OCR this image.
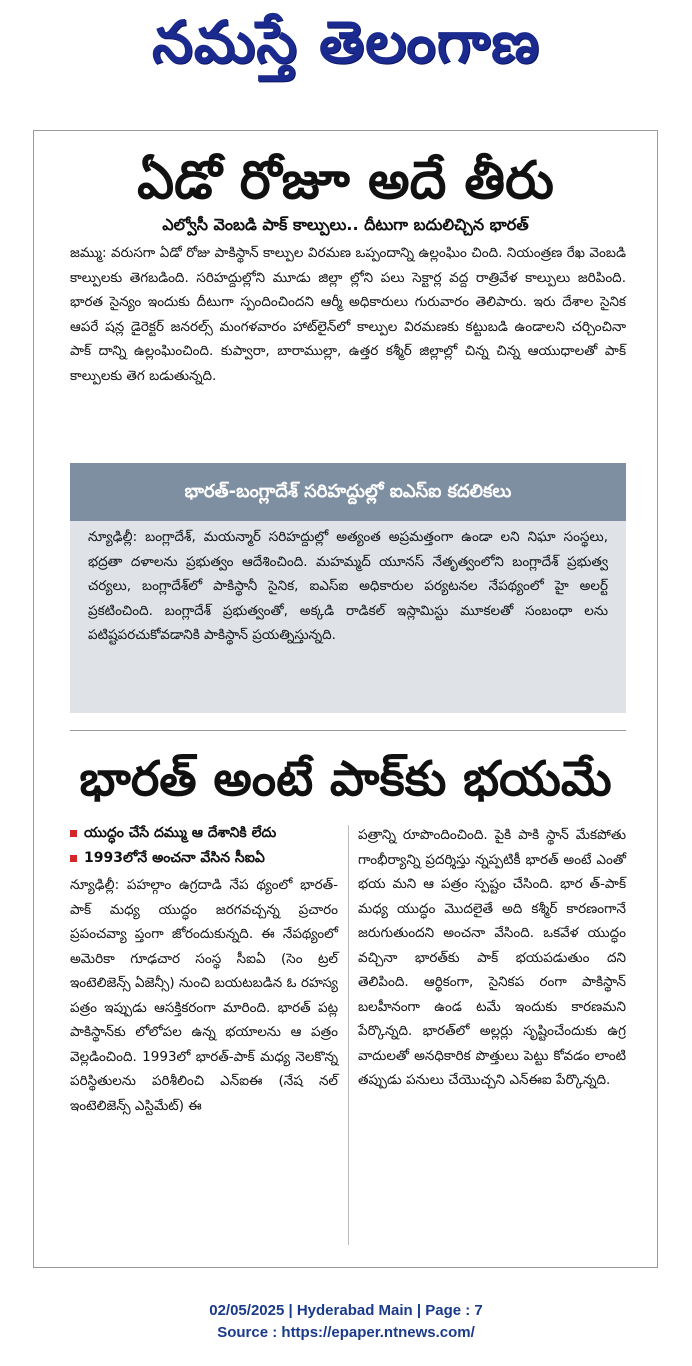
నమస్తే తెలంగాణ
ఏడో రోజూ అదే తీరు
ఎల్వోసీ వెంబడి పాక్ కాల్పులు.. దీటుగా బదులిచ్చిన భారత్

జమ్ము: వరుసగా ఏడో రోజు పాకిస్థాన్ కాల్పుల విరమణ ఒప్పందాన్ని ఉల్లంఘిం చింది. నియంత్రణ రేఖ వెంబడి కాల్పులకు తెగబడింది. సరిహద్దుల్లోని మూడు జిల్లా ల్లోని పలు సెక్టార్ల వద్ద రాత్రివేళ కాల్పులు జరిపింది. భారత సైన్యం ఇందుకు దీటుగా స్పందించిందని ఆర్మీ అధికారులు గురువారం తెలిపారు. ఇరు దేశాల సైనిక ఆపరే షన్ల డైరెక్టర్ జనరల్స్ మంగళవారం హాట్‌లైన్‌లో కాల్పుల విరమణకు కట్టుబడి ఉండాలని చర్చించినా పాక్ దాన్ని ఉల్లంఘించింది. కుప్వారా, బారాముల్లా, ఉత్తర కశ్మీర్ జిల్లాల్లో చిన్న చిన్న ఆయుధాలతో పాక్ కాల్పులకు తెగ బడుతున్నది.

భారత్-బంగ్లాదేశ్ సరిహద్దుల్లో ఐఎస్ఐ కదలికలు

న్యూఢిల్లీ: బంగ్లాదేశ్, మయన్మార్ సరిహద్దుల్లో అత్యంత అప్రమత్తంగా ఉండా లని నిఘా సంస్థలు, భద్రతా దళాలను ప్రభుత్వం ఆదేశించింది. మహమ్మద్ యూనస్ నేతృత్వంలోని బంగ్లాదేశ్ ప్రభుత్వ చర్యలు, బంగ్లాదేశ్‌లో పాకిస్థానీ సైనిక, ఐఎస్ఐ అధికారుల పర్యటనల నేపథ్యంలో హై అలర్ట్ ప్రకటించింది. బంగ్లాదేశ్ ప్రభుత్వంతో, అక్కడి రాడికల్ ఇస్లామిస్టు మూకలతో సంబంధా లను పటిష్టపరచుకోవడానికి పాకిస్థాన్ ప్రయత్నిస్తున్నది.

భారత్ అంటే పాక్‌కు భయమే
యుద్ధం చేసే దమ్ము ఆ దేశానికి లేదు
1993లోనే అంచనా వేసిన సీఐఏ

న్యూఢిల్లీ: పహల్గాం ఉగ్రదాడి నేప థ్యంలో భారత్-పాక్ మధ్య యుద్ధం జరగవచ్చన్న ప్రచారం ప్రపంచవ్యా ప్తంగా జోరందుకున్నది. ఈ నేపథ్యంలో అమెరికా గూఢచార సంస్థ సీఐఏ (సెం ట్రల్ ఇంటెలిజెన్స్ ఏజెన్సీ) నుంచి బయటబడిన ఓ రహస్య పత్రం ఇప్పుడు ఆసక్తికరంగా మారింది. భారత్ పట్ల పాకిస్థాన్‌కు లోలోపల ఉన్న భయాలను ఆ పత్రం వెల్లడించింది. 1993లో భారత్-పాక్ మధ్య నెలకొన్న పరిస్థితులను పరిశీలించి ఎన్ఐఈ (నేష నల్ ఇంటెలిజెన్స్ ఎస్టిమేట్) ఈ

పత్రాన్ని రూపొందించింది. పైకి పాకి స్థాన్ మేకపోతు గాంభీర్యాన్ని ప్రదర్శిస్తు న్నప్పటికీ భారత్ అంటే ఎంతో భయ మని ఆ పత్రం స్పష్టం చేసింది. భార త్-పాక్ మధ్య యుద్ధం మొదలైతే అది కశ్మీర్ కారణంగానే జరుగుతుందని అంచనా వేసింది. ఒకవేళ యుద్ధం వచ్చినా భారత్‌కు పాక్ భయపడుతుం దని తెలిపింది. ఆర్థికంగా, సైనికప రంగా పాకిస్థాన్ బలహీనంగా ఉండ టమే ఇందుకు కారణమని పేర్కొన్నది. భారత్‌లో అల్లర్లు సృష్టించేందుకు ఉగ్ర వాదులతో అనధికారిక పొత్తులు పెట్టు కోవడం లాంటి తప్పుడు పనులు చేయొచ్చని ఎన్ఈఐ పేర్కొన్నది.

02/05/2025 | Hyderabad Main | Page : 7
Source : https://epaper.ntnews.com/
